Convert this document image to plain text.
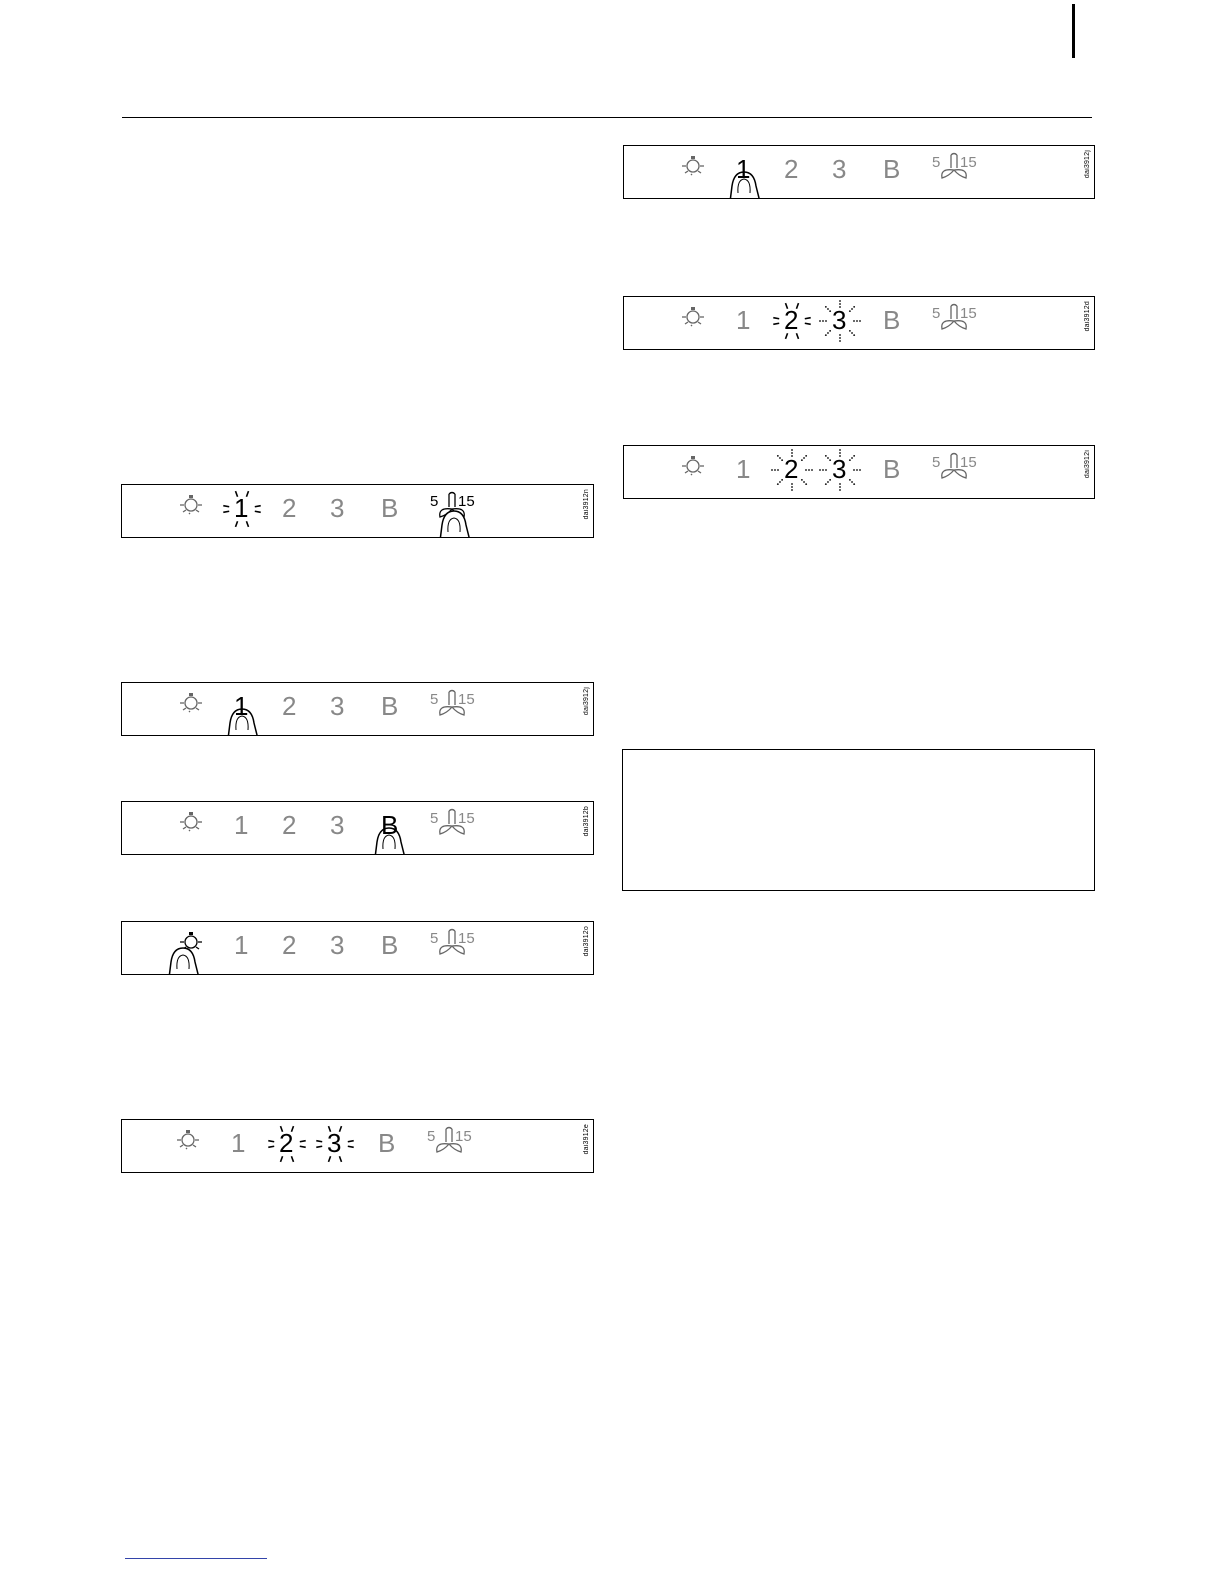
1 2 3 B 5 15	dai3912n
1 2 3 B 5 15	dai3912j
1 2 3 B 5 15	dai3912b
1 2 3 B 5 15	dai3912o
1 2 3 B 5 15	dai3912e
1 2 3 B 5 15	dai3912j
1 2 3 B 5 15	dai3912d
1 2 3 B 5 15	dai3912i
